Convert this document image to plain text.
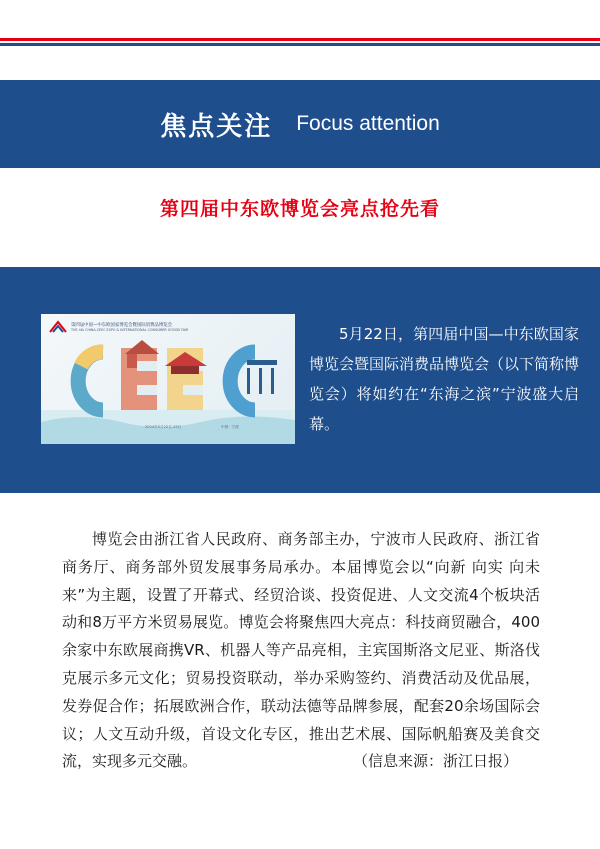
焦点关注 Focus attention
第四届中东欧博览会亮点抢先看
第四届中国—中东欧国家博览会暨国际消费品博览会
THE 4th CHINA-CEEC EXPO & INTERNATIONAL CONSUMER GOODS FAIR
2024年5月22日-25日	中国 · 宁波
5月22日，第四届中国—中东欧国家博览会暨国际消费品博览会（以下简称博览会）将如约在“东海之滨”宁波盛大启幕。
博览会由浙江省人民政府、商务部主办，宁波市人民政府、浙江省商务厅、商务部外贸发展事务局承办。本届博览会以“向新 向实 向未来”为主题，设置了开幕式、经贸洽谈、投资促进、人文交流4个板块活动和8万平方米贸易展览。博览会将聚焦四大亮点：科技商贸融合，400余家中东欧展商携VR、机器人等产品亮相，主宾国斯洛文尼亚、斯洛伐克展示多元文化；贸易投资联动，举办采购签约、消费活动及优品展，发券促合作；拓展欧洲合作，联动法德等品牌参展，配套20余场国际会议；人文互动升级，首设文化专区，推出艺术展、国际帆船赛及美食交流，实现多元交融。	（信息来源：浙江日报）
